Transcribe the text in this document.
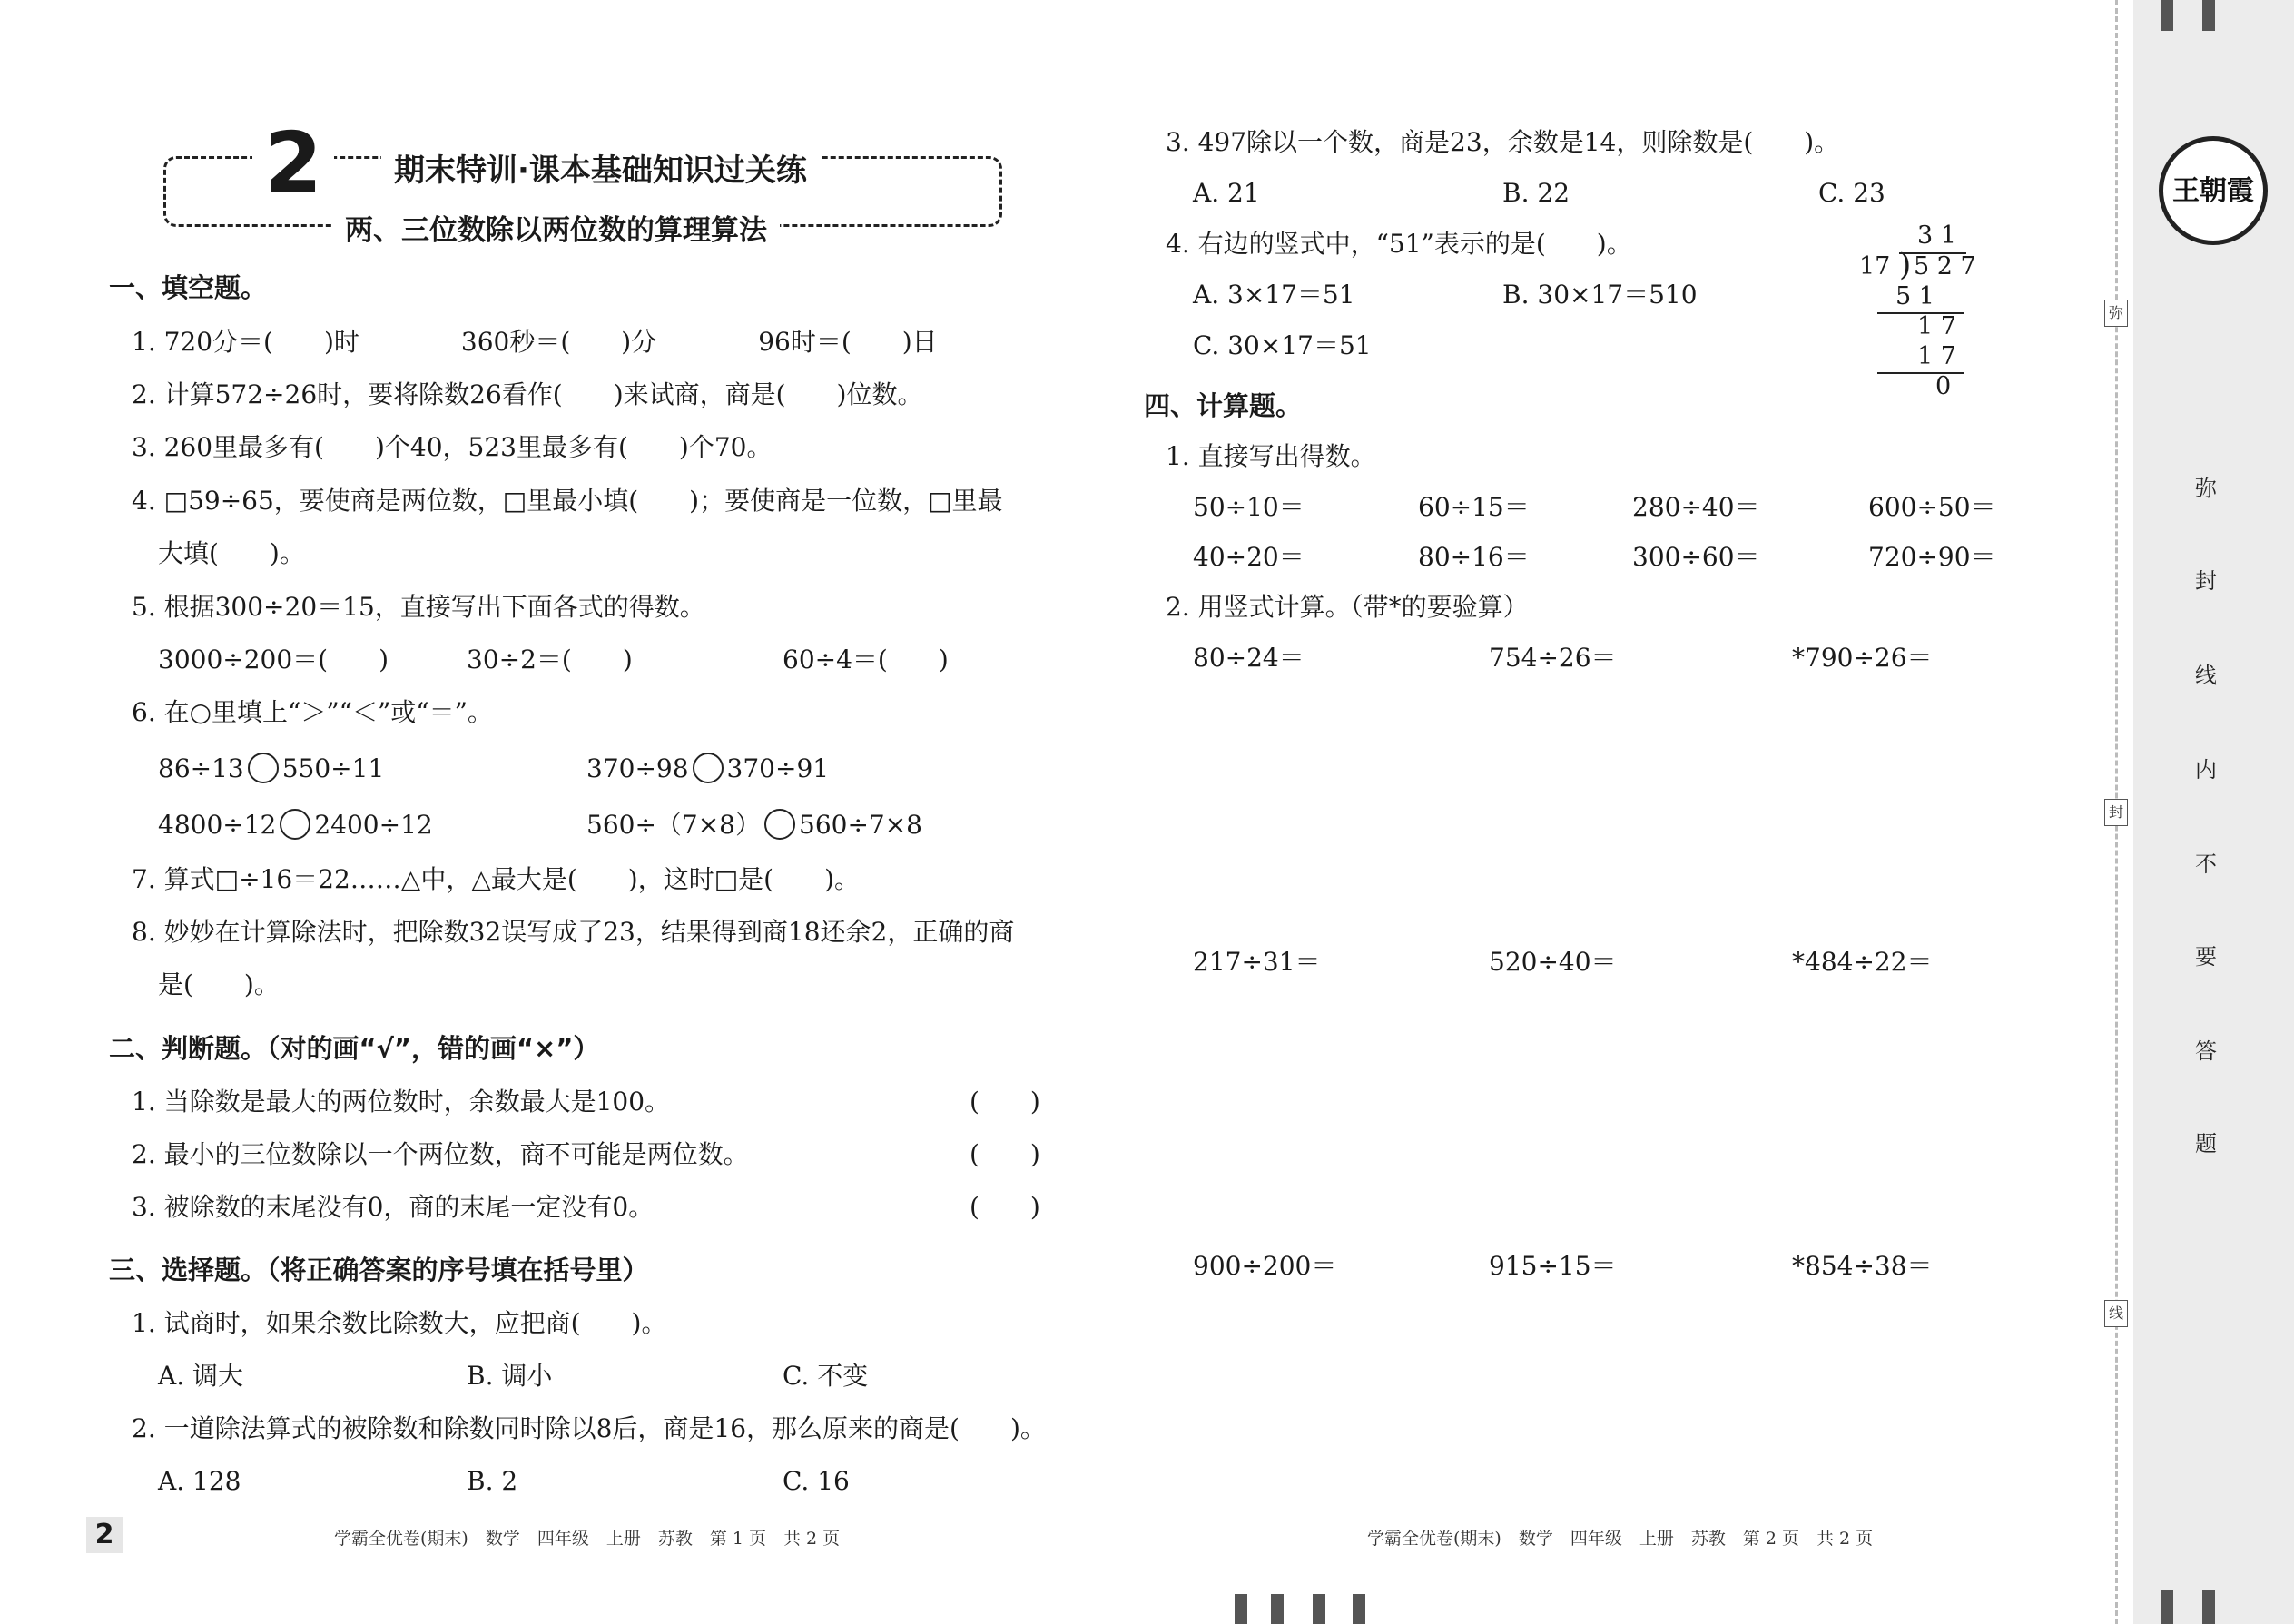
2	期末特训·课本基础知识过关练
两、三位数除以两位数的算理算法
一、填空题。
1. 720分＝(　　)时　　　　360秒＝(　　)分　　　　96时＝(　　)日
2. 计算572÷26时，要将除数26看作(　　)来试商，商是(　　)位数。
3. 260里最多有(　　)个40，523里最多有(　　)个70。
4. □59÷65，要使商是两位数，□里最小填(　　)；要使商是一位数，□里最
大填(　　)。
5. 根据300÷20＝15，直接写出下面各式的得数。
3000÷200＝(　　)	30÷2＝(　　)	60÷4＝(　　)
6. 在○里填上“＞”“＜”或“＝”。
86÷13 550÷11	370÷98 370÷91
4800÷12 2400÷12	560÷（7×8） 560÷7×8
7. 算式□÷16＝22……△中，△最大是(　　)，这时□是(　　)。
8. 妙妙在计算除法时，把除数32误写成了23，结果得到商18还余2，正确的商
是(　　)。
二、判断题。（对的画“√”，错的画“×”）
1. 当除数是最大的两位数时，余数最大是100。	(　　)
2. 最小的三位数除以一个两位数，商不可能是两位数。	(　　)
3. 被除数的末尾没有0，商的末尾一定没有0。	(　　)
三、选择题。（将正确答案的序号填在括号里）
1. 试商时，如果余数比除数大，应把商(　　)。
A. 调大	B. 调小	C. 不变
2. 一道除法算式的被除数和除数同时除以8后，商是16，那么原来的商是(　　)。
A. 128	B. 2	C. 16
3. 497除以一个数，商是23，余数是14，则除数是(　　)。
A. 21	B. 22	C. 23
4. 右边的竖式中，“51”表示的是(　　)。
A. 3×17＝51	B. 30×17＝510
C. 30×17＝51
3 1
17 ) 5 2 7
5 1
1 7
1 7
0
四、计算题。
1. 直接写出得数。
50÷10＝	60÷15＝	280÷40＝	600÷50＝
40÷20＝	80÷16＝	300÷60＝	720÷90＝
2. 用竖式计算。（带*的要验算）
80÷24＝	754÷26＝	*790÷26＝
217÷31＝	520÷40＝	*484÷22＝
900÷200＝	915÷15＝	*854÷38＝
2	学霸全优卷(期末)　数学　四年级　上册　苏教　第 1 页　共 2 页	学霸全优卷(期末)　数学　四年级　上册　苏教　第 2 页　共 2 页
王朝霞
弥
封
线
内
不
要
答
题
弥
封
线
